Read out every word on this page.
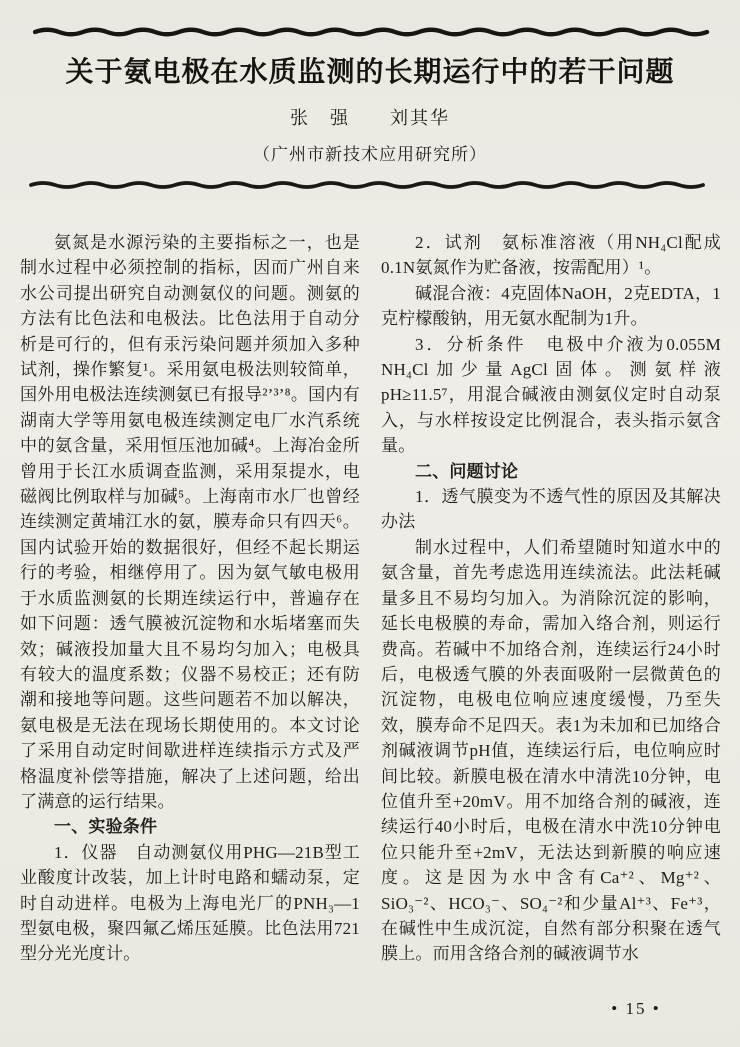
关于氨电极在水质监测的长期运行中的若干问题
张　强　　刘其华
（广州市新技术应用研究所）

氨氮是水源污染的主要指标之一，也是制水过程中必须控制的指标，因而广州自来水公司提出研究自动测氨仪的问题。测氨的方法有比色法和电极法。比色法用于自动分析是可行的，但有汞污染问题并须加入多种试剂，操作繁复¹。采用氨电极法则较简单，国外用电极法连续测氨已有报导²’³’⁸。国内有湖南大学等用氨电极连续测定电厂水汽系统中的氨含量，采用恒压池加碱⁴。上海冶金所曾用于长江水质调查监测，采用泵提水，电磁阀比例取样与加碱⁵。上海南市水厂也曾经连续测定黄埔江水的氨，膜寿命只有四天⁶。国内试验开始的数据很好，但经不起长期运行的考验，相继停用了。因为氨气敏电极用于水质监测氨的长期连续运行中，普遍存在如下问题：透气膜被沉淀物和水垢堵塞而失效；碱液投加量大且不易均匀加入；电极具有较大的温度系数；仪器不易校正；还有防潮和接地等问题。这些问题若不加以解决，氨电极是无法在现场长期使用的。本文讨论了采用自动定时间歇进样连续指示方式及严格温度补偿等措施，解决了上述问题，给出了满意的运行结果。

一、实验条件

1．仪器　自动测氨仪用PHG—21B型工业酸度计改装，加上计时电路和蠕动泵，定时自动进样。电极为上海电光厂的PNH₃—1型氨电极，聚四氟乙烯压延膜。比色法用721型分光光度计。

2．试剂　氨标准溶液（用NH₄Cl配成0.1N氨氮作为贮备液，按需配用）¹。

碱混合液：4克固体NaOH，2克EDTA，1克柠檬酸钠，用无氨水配制为1升。

3．分析条件　电极中介液为0.055M NH₄Cl加少量AgCl固体。测氨样液pH≥11.5⁷，用混合碱液由测氨仪定时自动泵入，与水样按设定比例混合，表头指示氨含量。

二、问题讨论

1．透气膜变为不透气性的原因及其解决办法

制水过程中，人们希望随时知道水中的氨含量，首先考虑选用连续流法。此法耗碱量多且不易均匀加入。为消除沉淀的影响，延长电极膜的寿命，需加入络合剂，则运行费高。若碱中不加络合剂，连续运行24小时后，电极透气膜的外表面吸附一层微黄色的沉淀物，电极电位响应速度缓慢，乃至失效，膜寿命不足四天。表1为未加和已加络合剂碱液调节pH值，连续运行后，电位响应时间比较。新膜电极在清水中清洗10分钟，电位值升至+20mV。用不加络合剂的碱液，连续运行40小时后，电极在清水中洗10分钟电位只能升至+2mV，无法达到新膜的响应速度。这是因为水中含有Ca⁺²、Mg⁺²、SiO₃⁻²、HCO₃⁻、SO₄⁻²和少量Al⁺³、Fe⁺³，在碱性中生成沉淀，自然有部分积聚在透气膜上。而用含络合剂的碱液调节水

• 15 •
